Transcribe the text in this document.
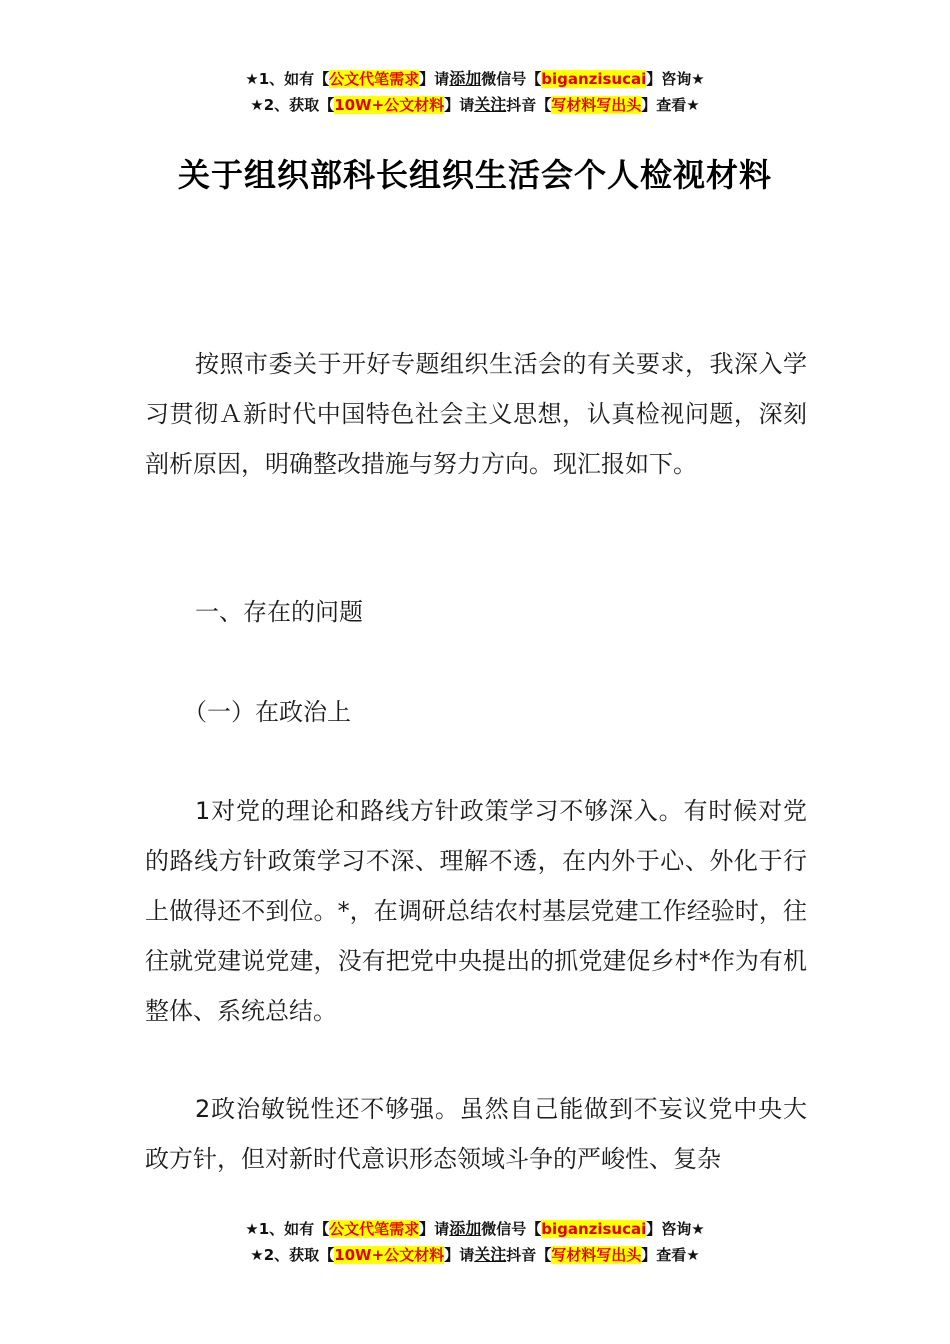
★1、如有【公文代笔需求】请添加微信号【biganzisucai】咨询★
★2、获取【10W+公文材料】请关注抖音【写材料写出头】查看★
关于组织部科长组织生活会个人检视材料

按照市委关于开好专题组织生活会的有关要求，我深入学习贯彻Ａ新时代中国特色社会主义思想，认真检视问题，深刻剖析原因，明确整改措施与努力方向。现汇报如下。

一、存在的问题

（一）在政治上

1对党的理论和路线方针政策学习不够深入。有时候对党的路线方针政策学习不深、理解不透，在内外于心、外化于行上做得还不到位。*，在调研总结农村基层党建工作经验时，往往就党建说党建，没有把党中央提出的抓党建促乡村*作为有机整体、系统总结。

2政治敏锐性还不够强。虽然自己能做到不妄议党中央大政方针，但对新时代意识形态领域斗争的严峻性、复杂

★1、如有【公文代笔需求】请添加微信号【biganzisucai】咨询★
★2、获取【10W+公文材料】请关注抖音【写材料写出头】查看★
